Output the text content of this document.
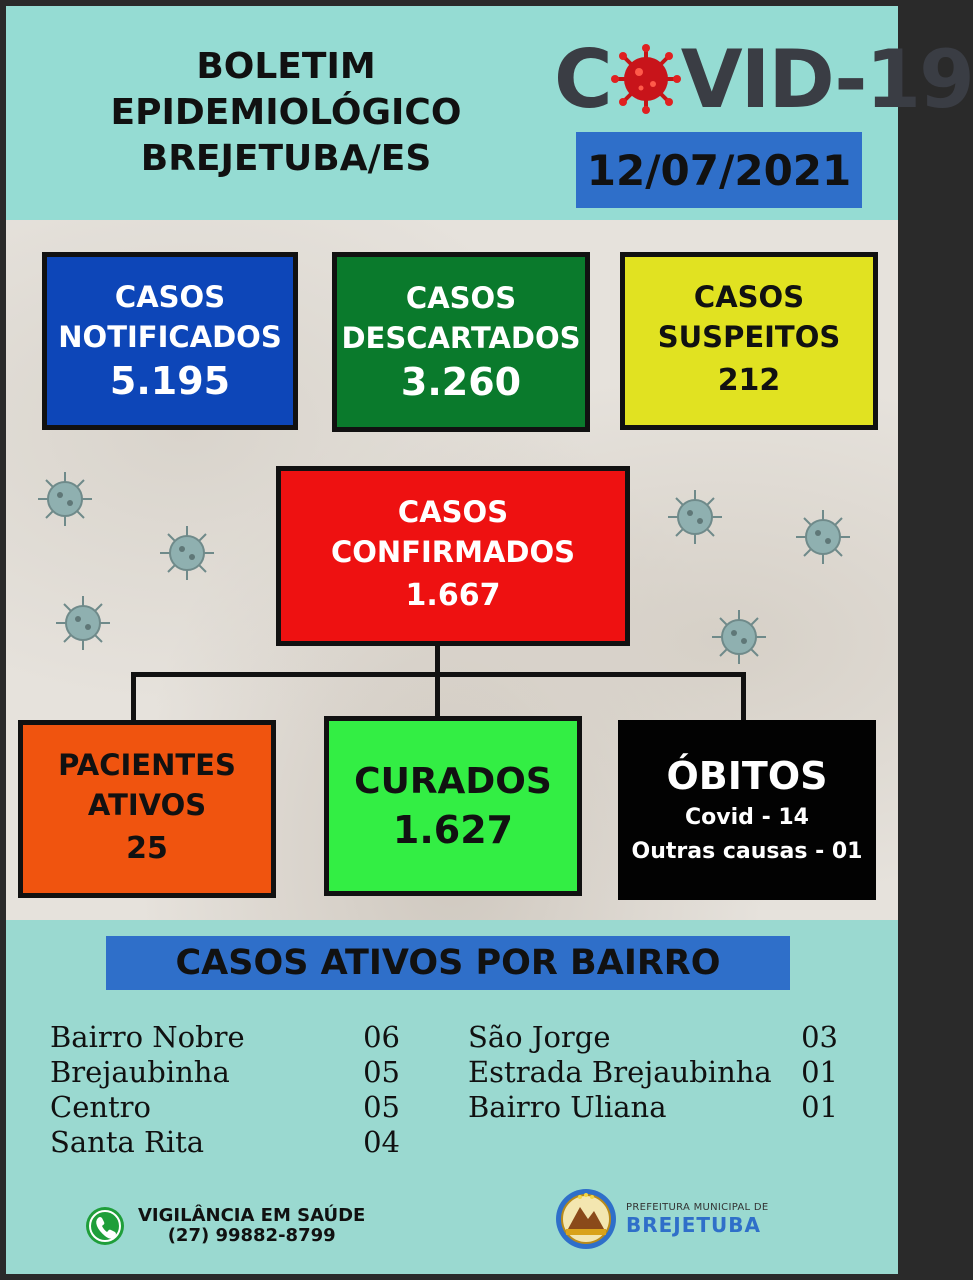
BOLETIM
EPIDEMIOLÓGICO
BREJETUBA/ES
C VID-19
12/07/2021
CASOS
NOTIFICADOS
5.195
CASOS
DESCARTADOS
3.260
CASOS
SUSPEITOS
212
CASOS
CONFIRMADOS
1.667
PACIENTES
ATIVOS
25
CURADOS
1.627
ÓBITOS
Covid - 14
Outras causas - 01
CASOS ATIVOS POR BAIRRO
Bairro Nobre	06
Brejaubinha	05
Centro	05
Santa Rita	04
São Jorge	03
Estrada Brejaubinha 01
Bairro Uliana	01
VIGILÂNCIA EM SAÚDE
(27) 99882-8799
PREFEITURA MUNICIPAL DE
BREJETUBA
